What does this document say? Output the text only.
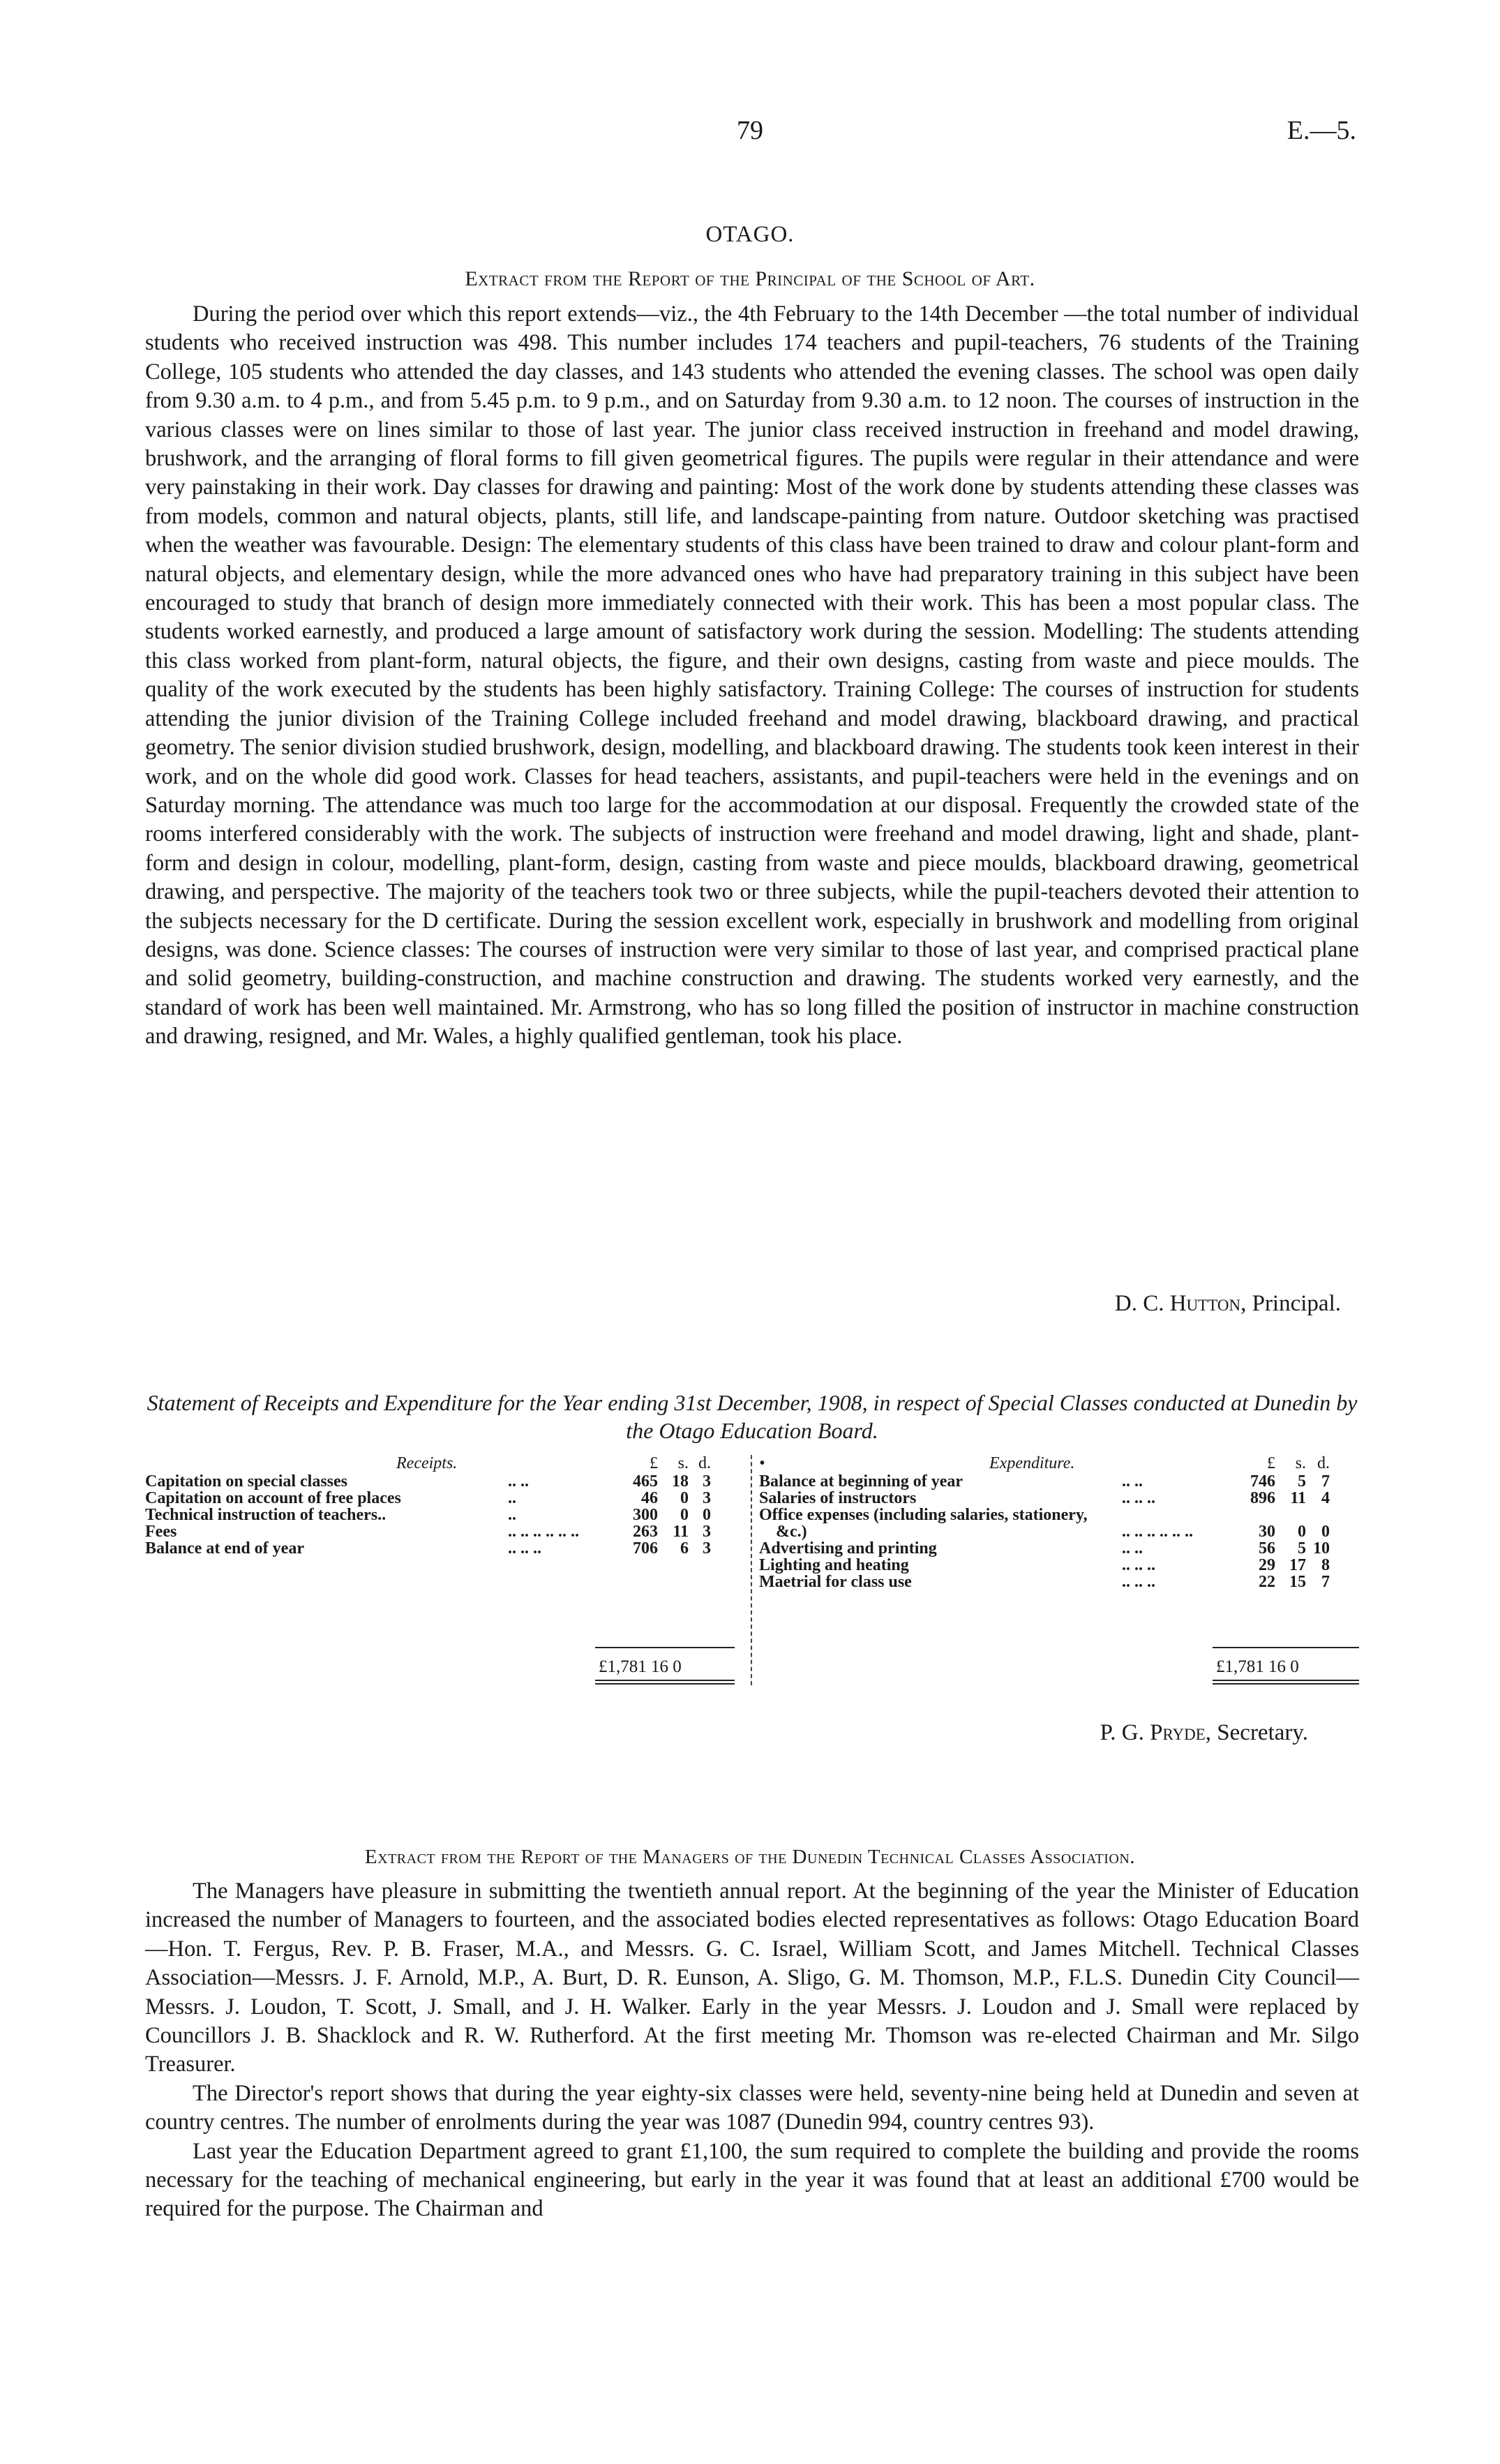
79	E.—5.
OTAGO.
Extract from the Report of the Principal of the School of Art.

During the period over which this report extends—viz., the 4th February to the 14th December —the total number of individual students who received instruction was 498. This number includes 174 teachers and pupil-teachers, 76 students of the Training College, 105 students who attended the day classes, and 143 students who attended the evening classes. The school was open daily from 9.30 a.m. to 4 p.m., and from 5.45 p.m. to 9 p.m., and on Saturday from 9.30 a.m. to 12 noon. The courses of instruction in the various classes were on lines similar to those of last year. The junior class received instruction in freehand and model drawing, brushwork, and the arranging of floral forms to fill given geometrical figures. The pupils were regular in their attendance and were very painstaking in their work. Day classes for drawing and painting: Most of the work done by students attending these classes was from models, common and natural objects, plants, still life, and landscape-painting from nature. Outdoor sketching was practised when the weather was favourable. Design: The elementary students of this class have been trained to draw and colour plant-form and natural objects, and elementary design, while the more advanced ones who have had preparatory training in this subject have been encouraged to study that branch of design more immediately connected with their work. This has been a most popular class. The students worked earnestly, and produced a large amount of satisfactory work during the session. Modelling: The students attending this class worked from plant-form, natural objects, the figure, and their own designs, casting from waste and piece moulds. The quality of the work executed by the students has been highly satisfactory. Training College: The courses of instruction for students attending the junior division of the Training College included freehand and model drawing, blackboard drawing, and practical geometry. The senior division studied brushwork, design, modelling, and blackboard drawing. The students took keen interest in their work, and on the whole did good work. Classes for head teachers, assistants, and pupil-teachers were held in the evenings and on Saturday morning. The attendance was much too large for the accommodation at our disposal. Frequently the crowded state of the rooms interfered considerably with the work. The subjects of instruction were freehand and model drawing, light and shade, plant-form and design in colour, modelling, plant-form, design, casting from waste and piece moulds, blackboard drawing, geometrical drawing, and perspective. The majority of the teachers took two or three subjects, while the pupil-teachers devoted their attention to the subjects necessary for the D certificate. During the session excellent work, especially in brushwork and modelling from original designs, was done. Science classes: The courses of instruction were very similar to those of last year, and comprised practical plane and solid geometry, building-construction, and machine construction and drawing. The students worked very earnestly, and the standard of work has been well maintained. Mr. Armstrong, who has so long filled the position of instructor in machine construction and drawing, resigned, and Mr. Wales, a highly qualified gentleman, took his place.

D. C. Hutton, Principal.
Statement of Receipts and Expenditure for the Year ending 31st December, 1908, in respect of Special Classes conducted at Dunedin by the Otago Education Board.
Receipts.	£	s. d.
Capitation on special classes	.. ..	465 18 3
Capitation on account of free places	..	46	0 3
Technical instruction of teachers..	..	300	0 0
Fees	.. .. .. .. .. ..	263 11 3
Balance at end of year	.. .. ..	706	6 3
£1,781 16 0
•	Expenditure.	£	s. d.
Balance at beginning of year	.. ..	746	5 7
Salaries of instructors	.. .. ..	896 11 4
Office expenses (including salaries, stationery,
&c.)	.. .. .. .. .. ..	30	0 0
Advertising and printing	.. ..	56	5 10
Lighting and heating	.. .. ..	29 17 8
Maetrial for class use	.. .. ..	22 15 7
£1,781 16 0
P. G. Pryde, Secretary.
Extract from the Report of the Managers of the Dunedin Technical Classes Association.

The Managers have pleasure in submitting the twentieth annual report. At the beginning of the year the Minister of Education increased the number of Managers to fourteen, and the associated bodies elected representatives as follows: Otago Education Board—Hon. T. Fergus, Rev. P. B. Fraser, M.A., and Messrs. G. C. Israel, William Scott, and James Mitchell. Technical Classes Association—Messrs. J. F. Arnold, M.P., A. Burt, D. R. Eunson, A. Sligo, G. M. Thomson, M.P., F.L.S. Dunedin City Council—Messrs. J. Loudon, T. Scott, J. Small, and J. H. Walker. Early in the year Messrs. J. Loudon and J. Small were replaced by Councillors J. B. Shacklock and R. W. Rutherford. At the first meeting Mr. Thomson was re-elected Chairman and Mr. Silgo Treasurer.

The Director's report shows that during the year eighty-six classes were held, seventy-nine being held at Dunedin and seven at country centres. The number of enrolments during the year was 1087 (Dunedin 994, country centres 93).

Last year the Education Department agreed to grant £1,100, the sum required to complete the building and provide the rooms necessary for the teaching of mechanical engineering, but early in the year it was found that at least an additional £700 would be required for the purpose. The Chairman and
